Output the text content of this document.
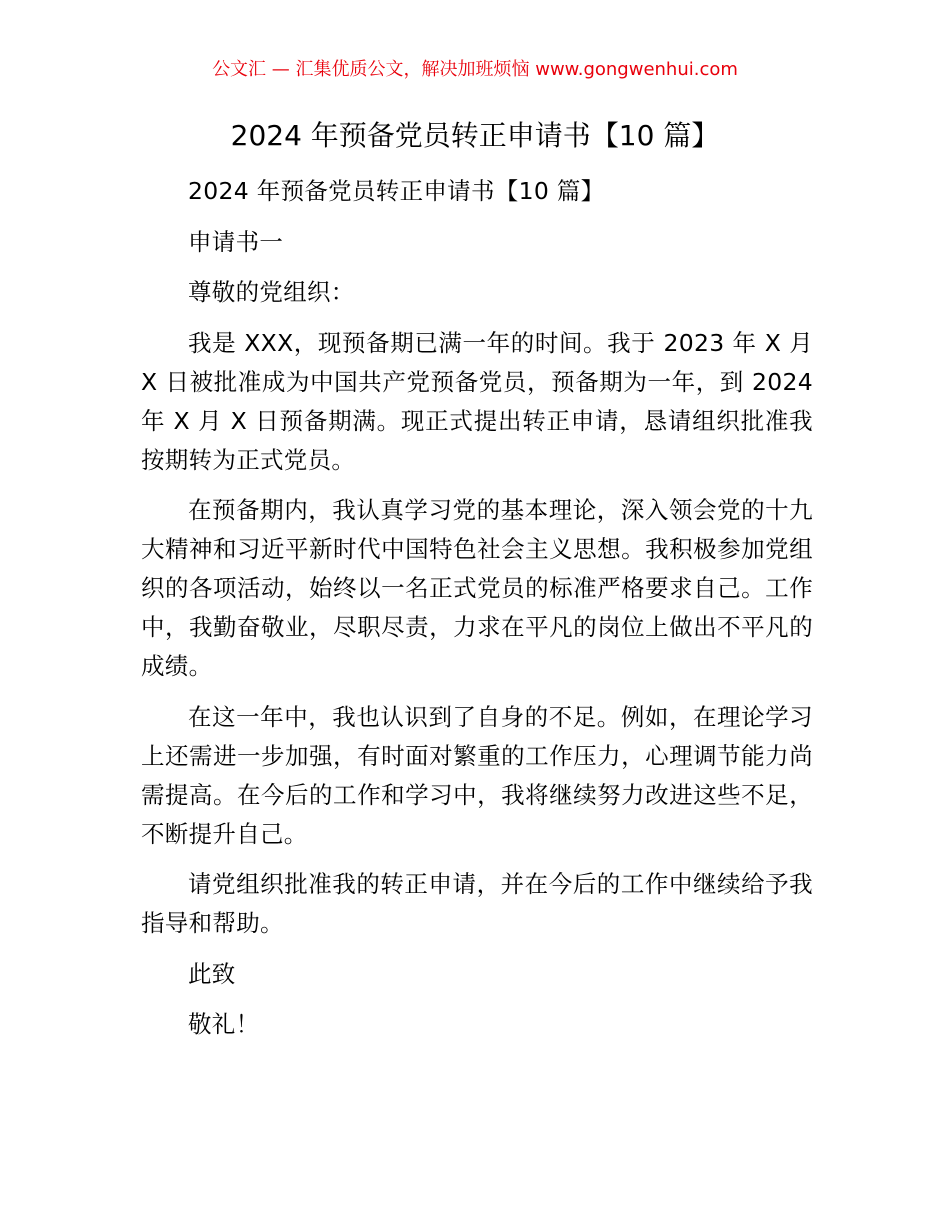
公文汇 — 汇集优质公文，解决加班烦恼 www.gongwenhui.com
2024 年预备党员转正申请书【10 篇】

2024 年预备党员转正申请书【10 篇】

申请书一

尊敬的党组织：

我是 XXX，现预备期已满一年的时间。我于 2023 年 X 月 X 日被批准成为中国共产党预备党员，预备期为一年，到 2024 年 X 月 X 日预备期满。现正式提出转正申请，恳请组织批准我按期转为正式党员。

在预备期内，我认真学习党的基本理论，深入领会党的十九大精神和习近平新时代中国特色社会主义思想。我积极参加党组织的各项活动，始终以一名正式党员的标准严格要求自己。工作中，我勤奋敬业，尽职尽责，力求在平凡的岗位上做出不平凡的成绩。

在这一年中，我也认识到了自身的不足。例如，在理论学习上还需进一步加强，有时面对繁重的工作压力，心理调节能力尚需提高。在今后的工作和学习中，我将继续努力改进这些不足，不断提升自己。

请党组织批准我的转正申请，并在今后的工作中继续给予我指导和帮助。

此致

敬礼！
